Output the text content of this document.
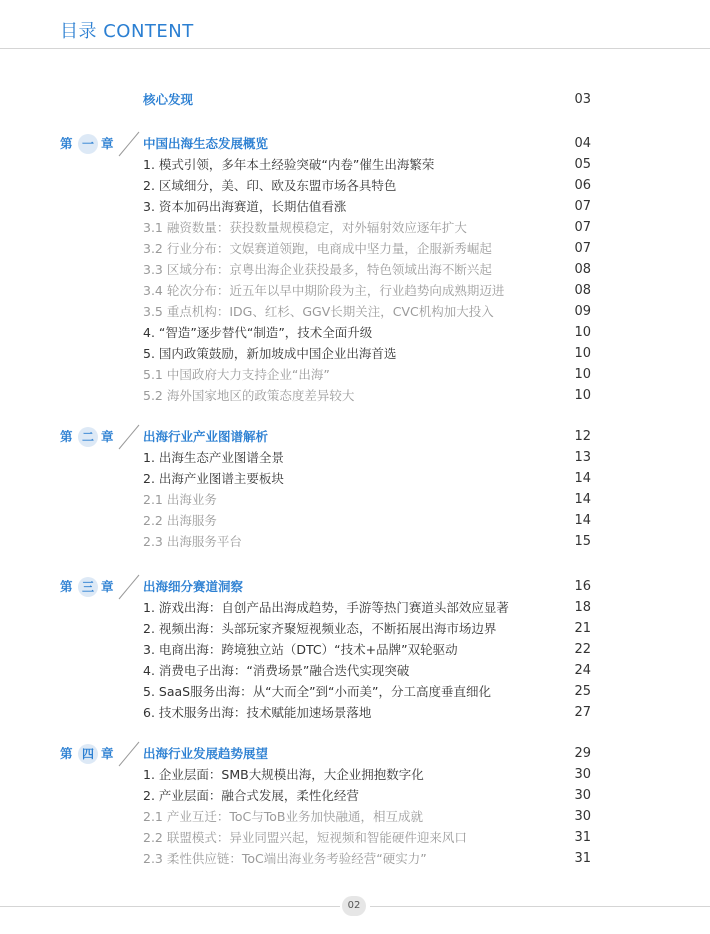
目录 CONTENT
核心发现	03
第 一 章 中国出海生态发展概览	04
1. 模式引领，多年本土经验突破“内卷”催生出海繁荣	05
2. 区域细分，美、印、欧及东盟市场各具特色	06
3. 资本加码出海赛道，长期估值看涨	07
3.1 融资数量：获投数量规模稳定，对外辐射效应逐年扩大	07
3.2 行业分布：文娱赛道领跑，电商成中坚力量，企服新秀崛起	07
3.3 区域分布：京粤出海企业获投最多，特色领域出海不断兴起	08
3.4 轮次分布：近五年以早中期阶段为主，行业趋势向成熟期迈进	08
3.5 重点机构：IDG、红杉、GGV长期关注，CVC机构加大投入	09
4. “智造”逐步替代“制造”，技术全面升级	10
5. 国内政策鼓励，新加坡成中国企业出海首选	10
5.1 中国政府大力支持企业“出海”	10
5.2 海外国家地区的政策态度差异较大	10
第 二 章 出海行业产业图谱解析	12
1. 出海生态产业图谱全景	13
2. 出海产业图谱主要板块	14
2.1 出海业务	14
2.2 出海服务	14
2.3 出海服务平台	15
第 三 章 出海细分赛道洞察	16
1. 游戏出海：自创产品出海成趋势，手游等热门赛道头部效应显著	18
2. 视频出海：头部玩家齐聚短视频业态，不断拓展出海市场边界	21
3. 电商出海：跨境独立站（DTC）“技术+品牌”双轮驱动	22
4. 消费电子出海：“消费场景”融合迭代实现突破	24
5. SaaS服务出海：从“大而全”到“小而美”，分工高度垂直细化	25
6. 技术服务出海：技术赋能加速场景落地	27
第 四 章 出海行业发展趋势展望	29
1. 企业层面：SMB大规模出海，大企业拥抱数字化	30
2. 产业层面：融合式发展，柔性化经营	30
2.1 产业互迁：ToC与ToB业务加快融通，相互成就	30
2.2 联盟模式：异业同盟兴起，短视频和智能硬件迎来风口	31
2.3 柔性供应链：ToC端出海业务考验经营“硬实力”	31
02
